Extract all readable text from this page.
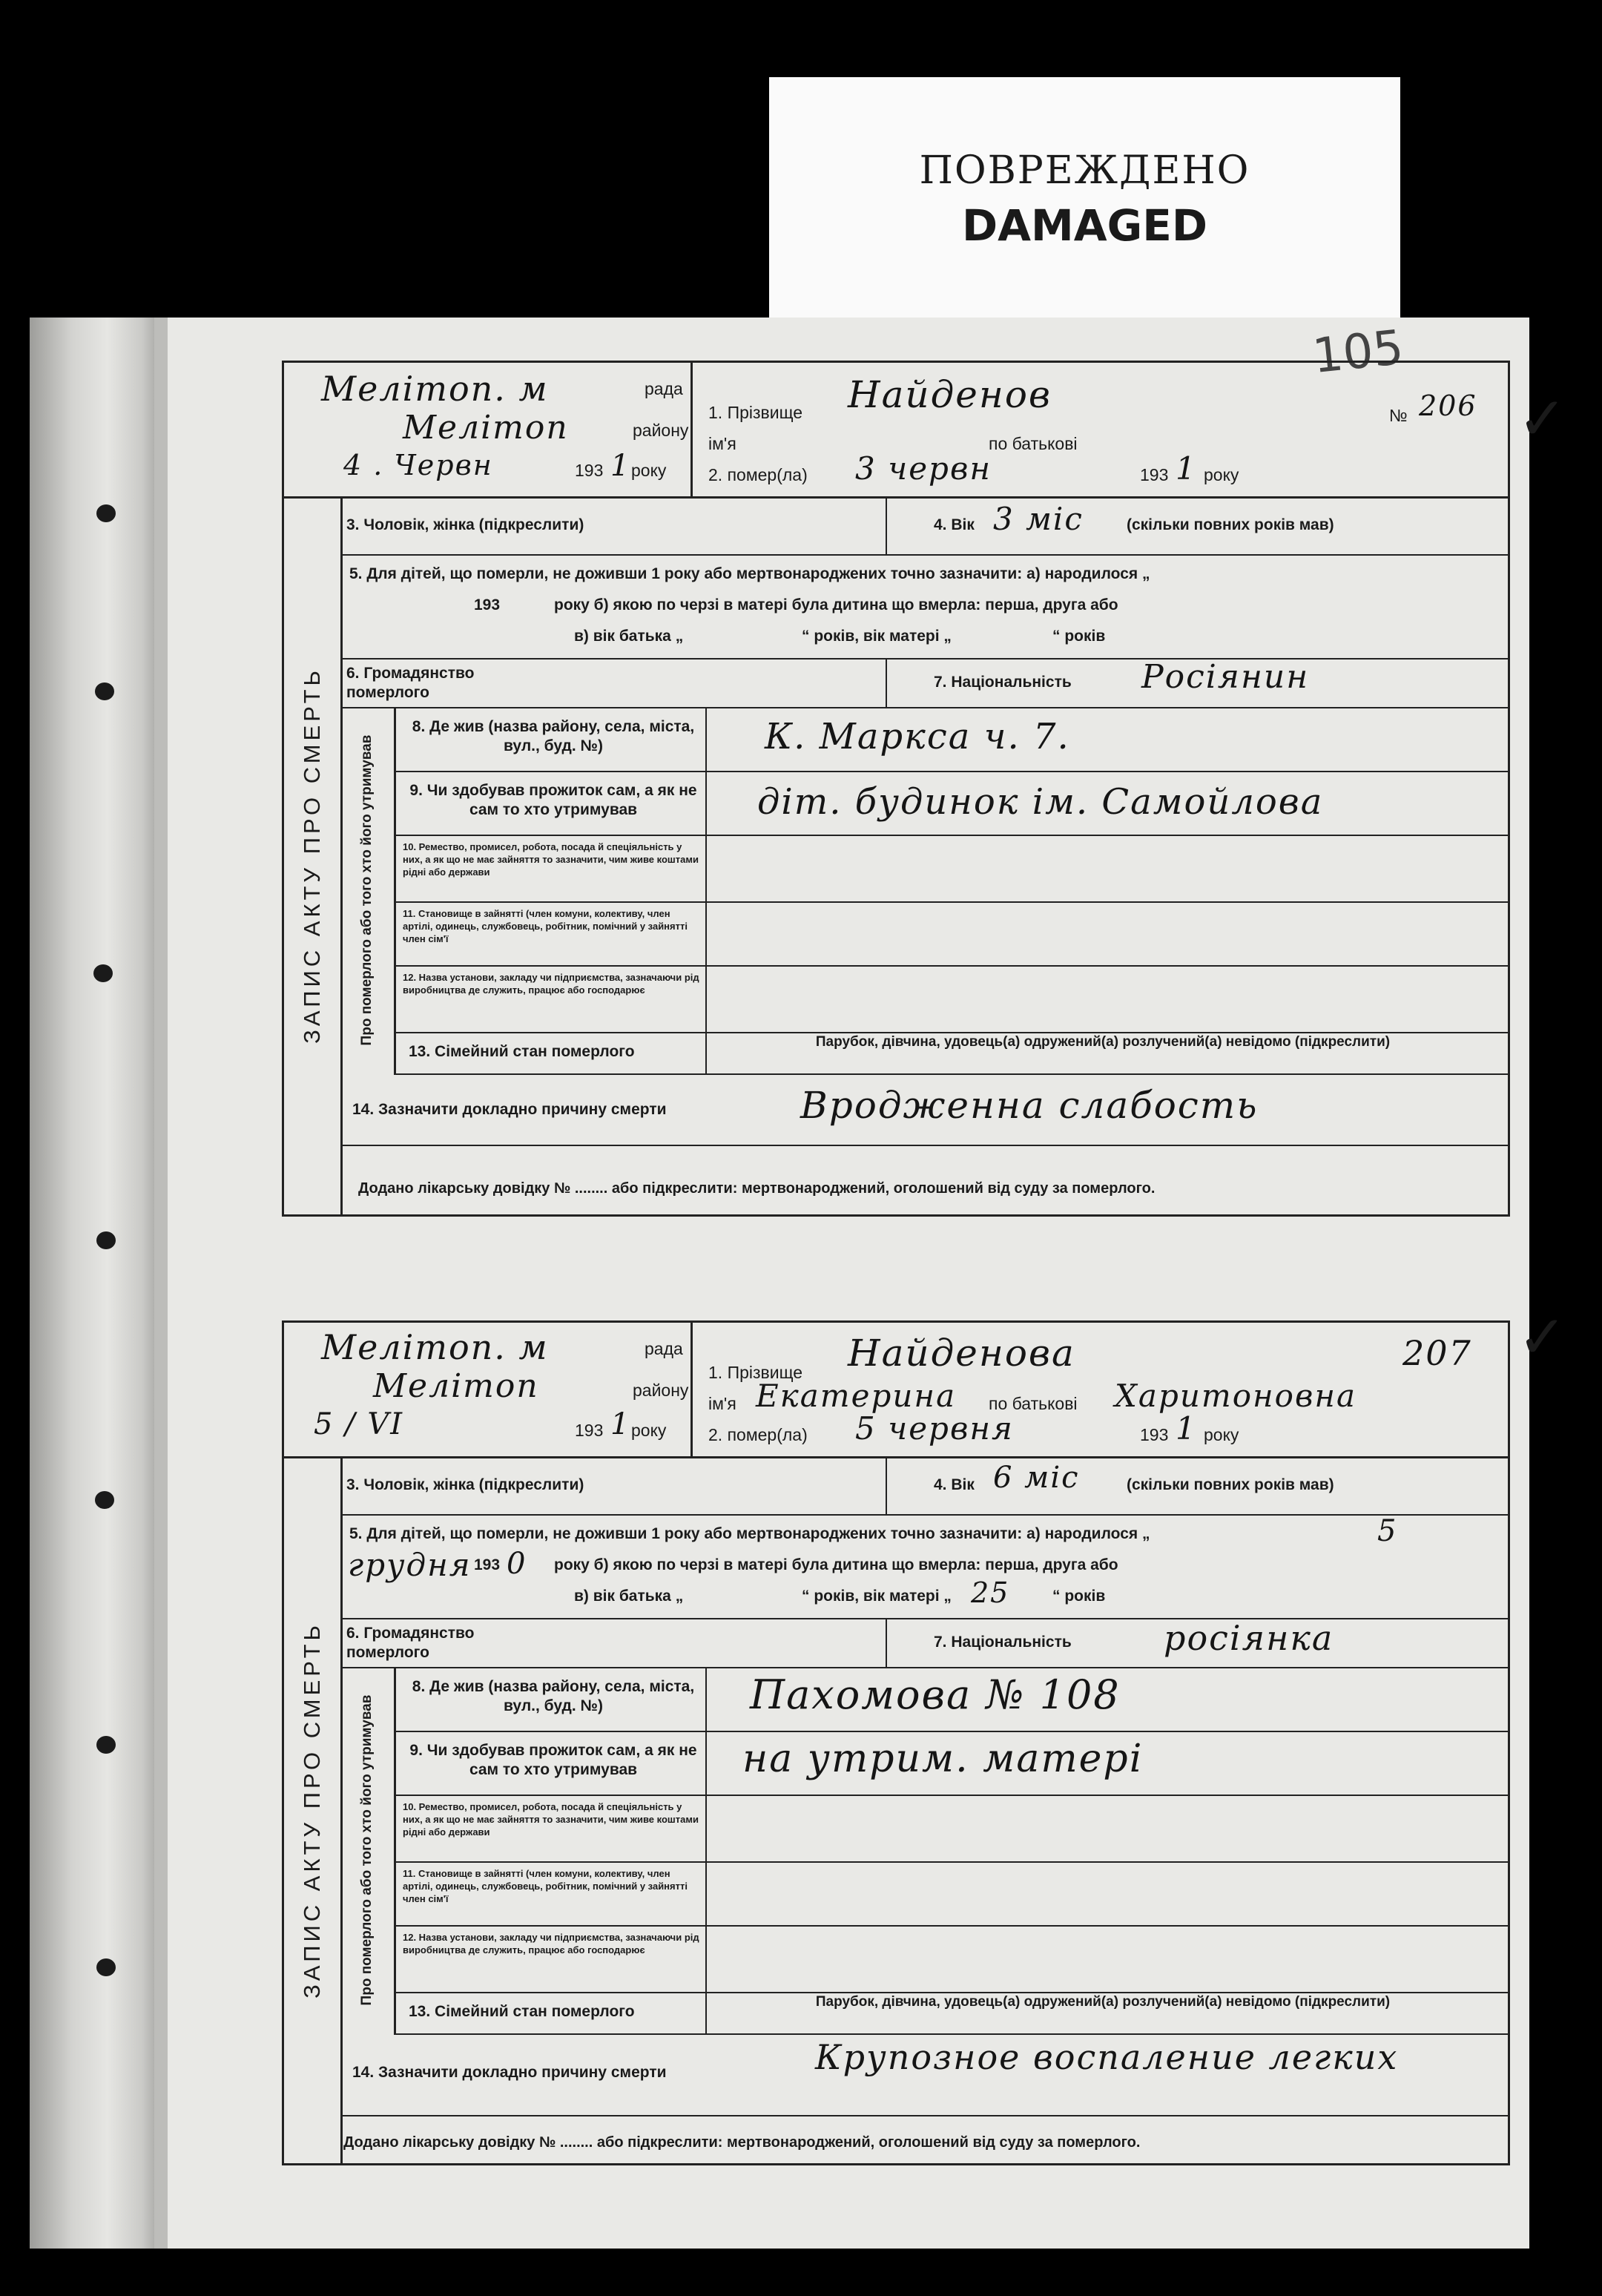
ПОВРЕЖДЕНО
DAMAGED
105
✓
✓
Мелітоп. м	рада
Мелітоп	району
4 . Червн	193 1 року
1. Прізвище Найденов
ім'я	по батькові
2. помер(ла) 3 червн	193 1 року
№ 206
ЗАПИС АКТУ ПРО СМЕРТЬ
3. Чоловік, жінка (підкреслити)	4. Вік 3 міс	(скільки повних років мав)
5. Для дітей, що померли, не доживши 1 року або мертвонароджених точно зазначити: а) народилося „
193	року б) якою по черзі в матері була дитина що вмерла: перша, друга або
в) вік батька „	“ років, вік матері „	“ років
6. Громадянство померлого
7. Національність Росіянин
Про померлого або того хто його утримував
8. Де жив (назва району, села, міста, вул., буд. №)	К. Маркса ч. 7.
9. Чи здобував прожиток сам, а як не сам то хто утримував	діт. будинок ім. Самойлова
10. Ремество, промисел, робота, посада й спеціяльність у них, а як що не має зайняття то зазначити, чим живе коштами рідні або держави
11. Становище в зайнятті (член комуни, колективу, член артілі, одинець, службовець, робітник, помічний у зайнятті член сім'ї
12. Назва установи, закладу чи підприємства, зазначаючи рід виробництва де служить, працює або господарює
13. Сімейний стан померлого
Парубок, дівчина, удовець(а) одружений(а) розлучений(а) невідомо (підкреслити)
14. Зазначити докладно причину смерти	Вродженна слабость
Додано лікарську довідку № ........ або підкреслити: мертвонароджений, оголошений від суду за померлого.
Мелітоп. м	рада
Мелітоп	району
5 / VI	193 1 року
1. Прізвище Найденова
ім'я Екатерина по батькові Харитоновна
2. помер(ла) 5 червня	193 1 року
207
ЗАПИС АКТУ ПРО СМЕРТЬ
3. Чоловік, жінка (підкреслити)	4. Вік 6 міс	(скільки повних років мав)
5. Для дітей, що померли, не доживши 1 року або мертвонароджених точно зазначити: а) народилося „	5
грудня 193 0 року б) якою по черзі в матері була дитина що вмерла: перша, друга або
в) вік батька „	“ років, вік матері „ 25	“ років
6. Громадянство померлого
7. Національність	росіянка
Про померлого або того хто його утримував
8. Де жив (назва району, села, міста, вул., буд. №)	Пахомова № 108
9. Чи здобував прожиток сам, а як не сам то хто утримував	на утрим. матері
10. Ремество, промисел, робота, посада й спеціяльність у них, а як що не має зайняття то зазначити, чим живе коштами рідні або держави
11. Становище в зайнятті (член комуни, колективу, член артілі, одинець, службовець, робітник, помічний у зайнятті член сім'ї
12. Назва установи, закладу чи підприємства, зазначаючи рід виробництва де служить, працює або господарює
13. Сімейний стан померлого
Парубок, дівчина, удовець(а) одружений(а) розлучений(а) невідомо (підкреслити)
14. Зазначити докладно причину смерти	Крупозное воспаление легких
Додано лікарську довідку № ........ або підкреслити: мертвонароджений, оголошений від суду за померлого.
